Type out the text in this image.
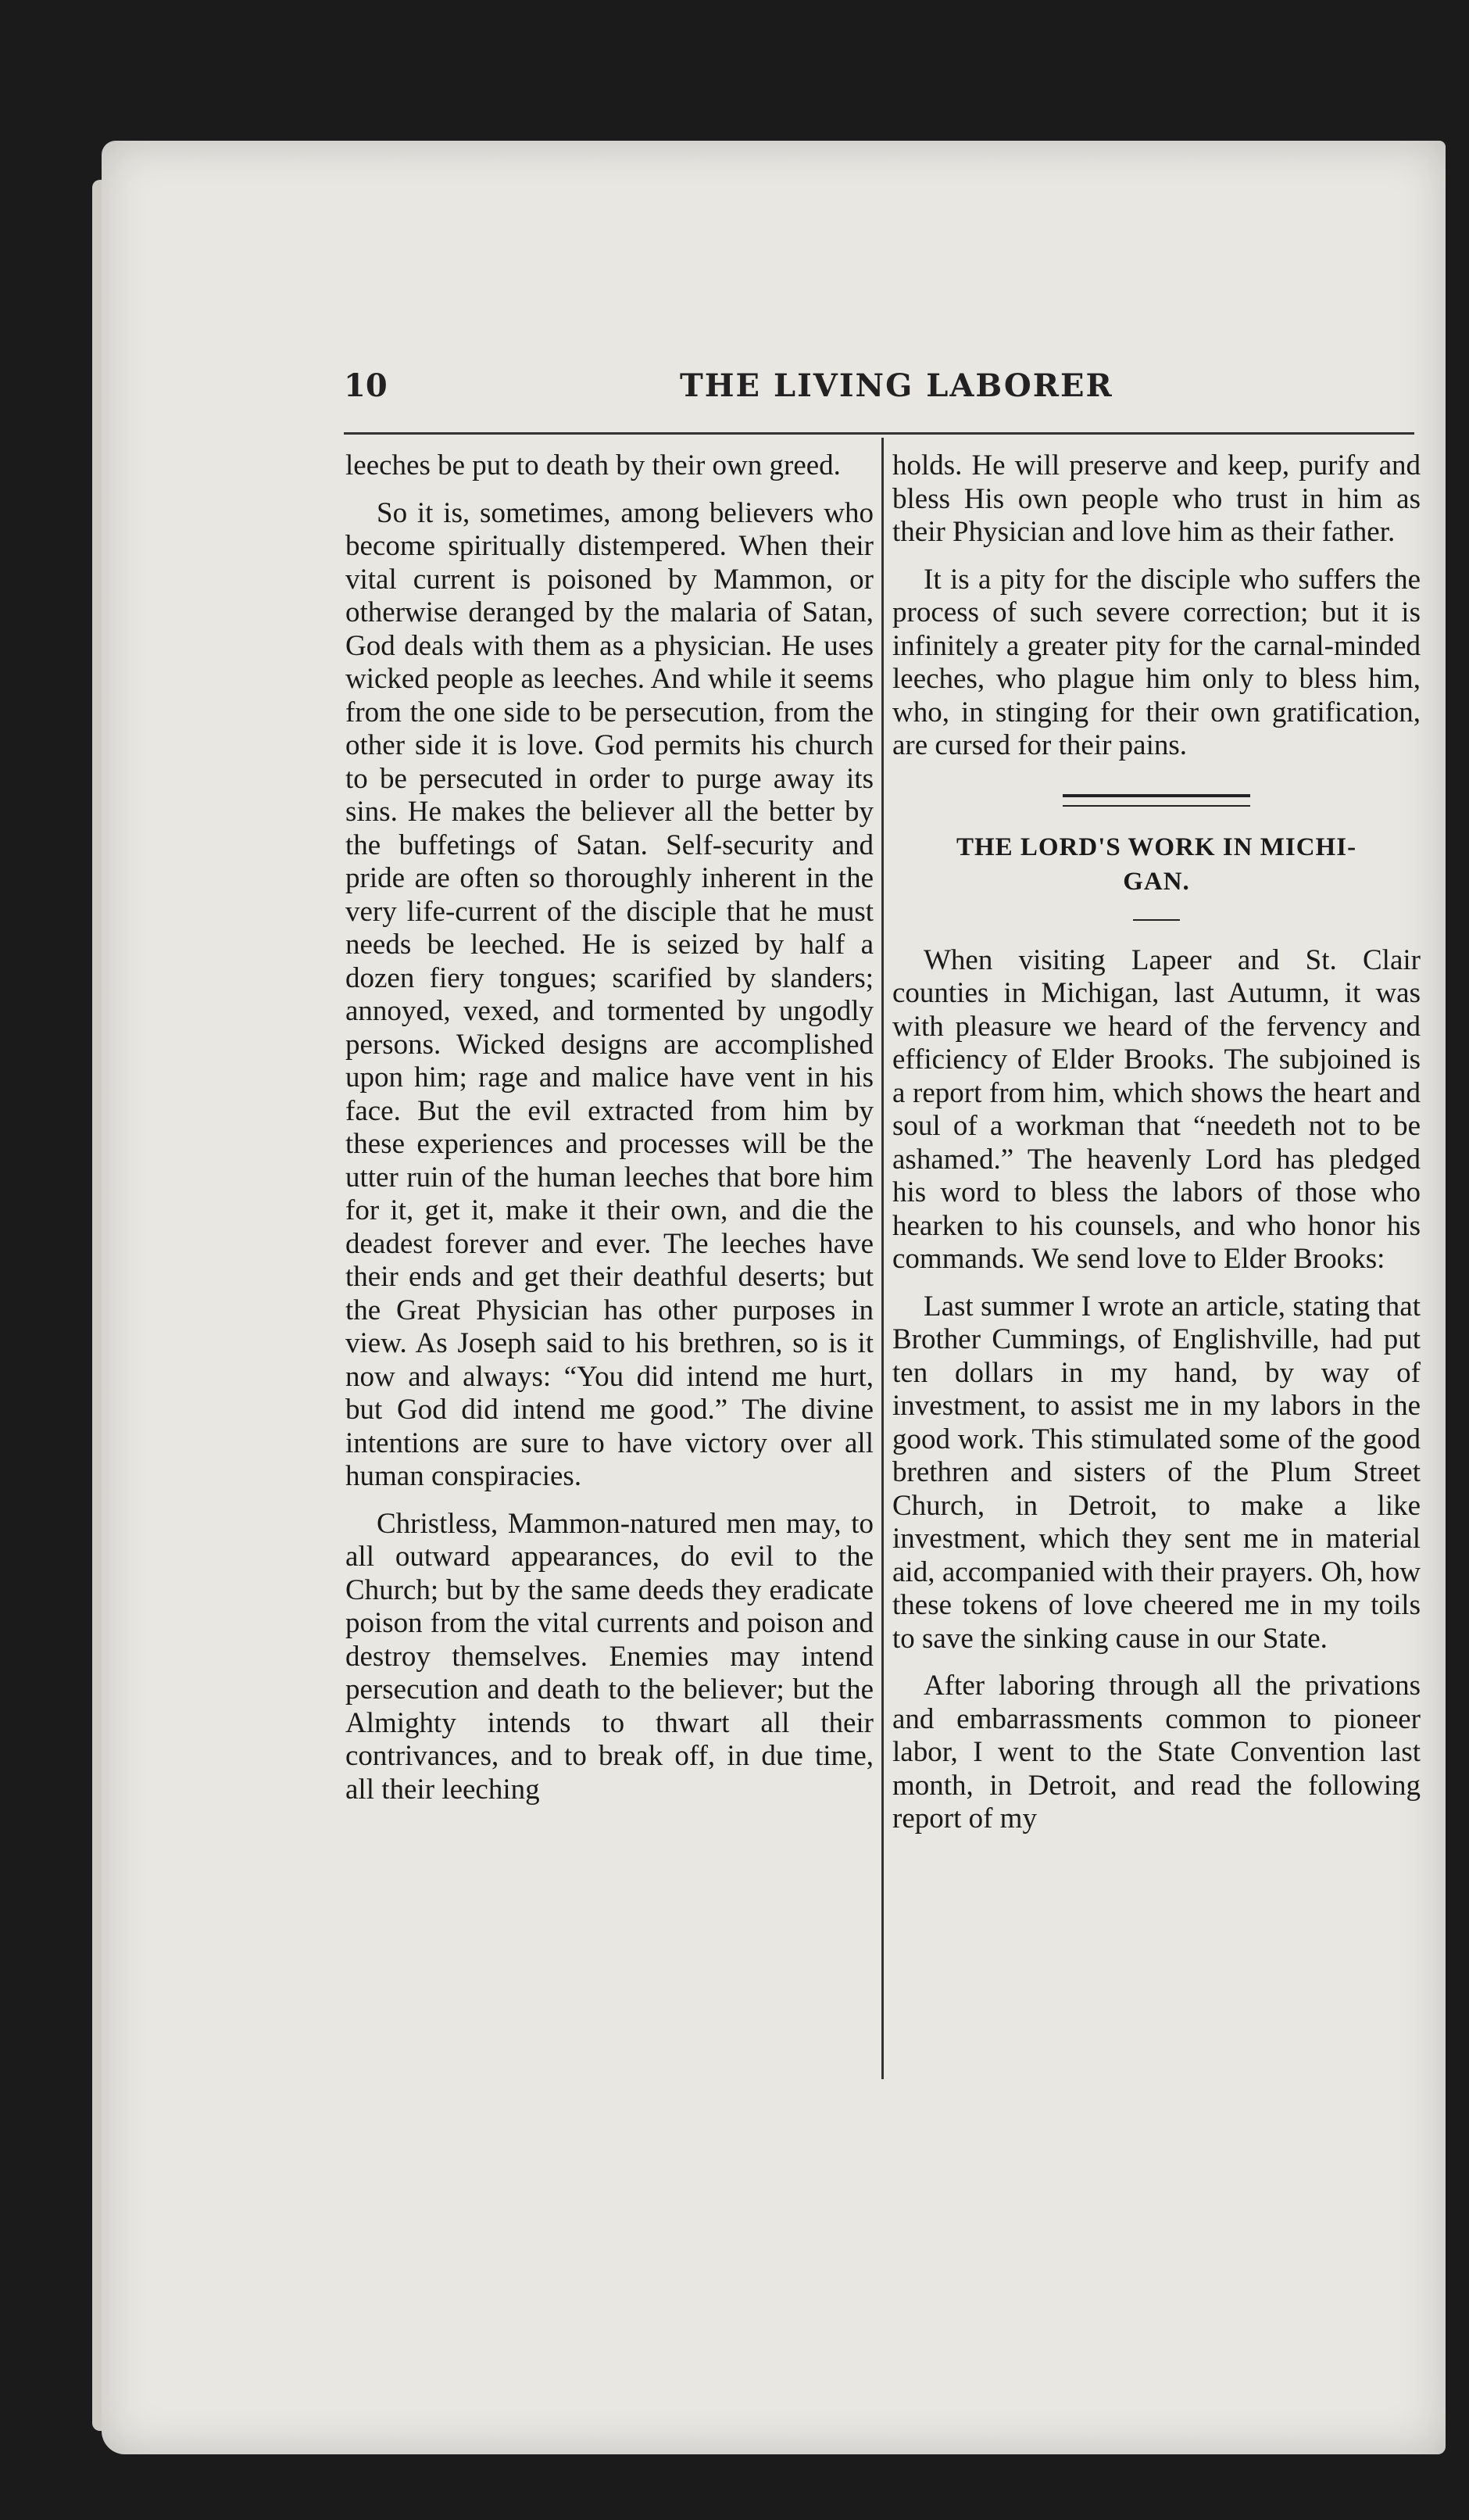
10	THE LIVING LABORER

leeches be put to death by their own greed.

So it is, sometimes, among believers who become spiritually distempered. When their vital current is poisoned by Mammon, or otherwise deranged by the malaria of Satan, God deals with them as a physician. He uses wicked people as leeches. And while it seems from the one side to be persecution, from the other side it is love. God permits his church to be persecuted in order to purge away its sins. He makes the believer all the better by the buffetings of Satan. Self-security and pride are often so thoroughly inherent in the very life-current of the disciple that he must needs be leeched. He is seized by half a dozen fiery tongues; scarified by slanders; annoyed, vexed, and tormented by ungodly persons. Wicked designs are accomplished upon him; rage and malice have vent in his face. But the evil extracted from him by these experiences and processes will be the utter ruin of the human leeches that bore him for it, get it, make it their own, and die the deadest forever and ever. The leeches have their ends and get their deathful deserts; but the Great Physician has other purposes in view. As Joseph said to his brethren, so is it now and always: “You did intend me hurt, but God did intend me good.” The divine intentions are sure to have victory over all human conspiracies.

Christless, Mammon-natured men may, to all outward appearances, do evil to the Church; but by the same deeds they eradicate poison from the vital currents and poison and destroy themselves. Enemies may intend persecution and death to the believer; but the Almighty intends to thwart all their contrivances, and to break off, in due time, all their leeching

holds. He will preserve and keep, purify and bless His own people who trust in him as their Physician and love him as their father.

It is a pity for the disciple who suffers the process of such severe correction; but it is infinitely a greater pity for the carnal-minded leeches, who plague him only to bless him, who, in stinging for their own gratification, are cursed for their pains.

THE LORD'S WORK IN MICHI-
GAN.

When visiting Lapeer and St. Clair counties in Michigan, last Autumn, it was with pleasure we heard of the fervency and efficiency of Elder Brooks. The subjoined is a report from him, which shows the heart and soul of a workman that “needeth not to be ashamed.” The heavenly Lord has pledged his word to bless the labors of those who hearken to his counsels, and who honor his commands. We send love to Elder Brooks:

Last summer I wrote an article, stating that Brother Cummings, of Englishville, had put ten dollars in my hand, by way of investment, to assist me in my labors in the good work. This stimulated some of the good brethren and sisters of the Plum Street Church, in Detroit, to make a like investment, which they sent me in material aid, accompanied with their prayers. Oh, how these tokens of love cheered me in my toils to save the sinking cause in our State.

After laboring through all the privations and embarrassments common to pioneer labor, I went to the State Convention last month, in Detroit, and read the following report of my
